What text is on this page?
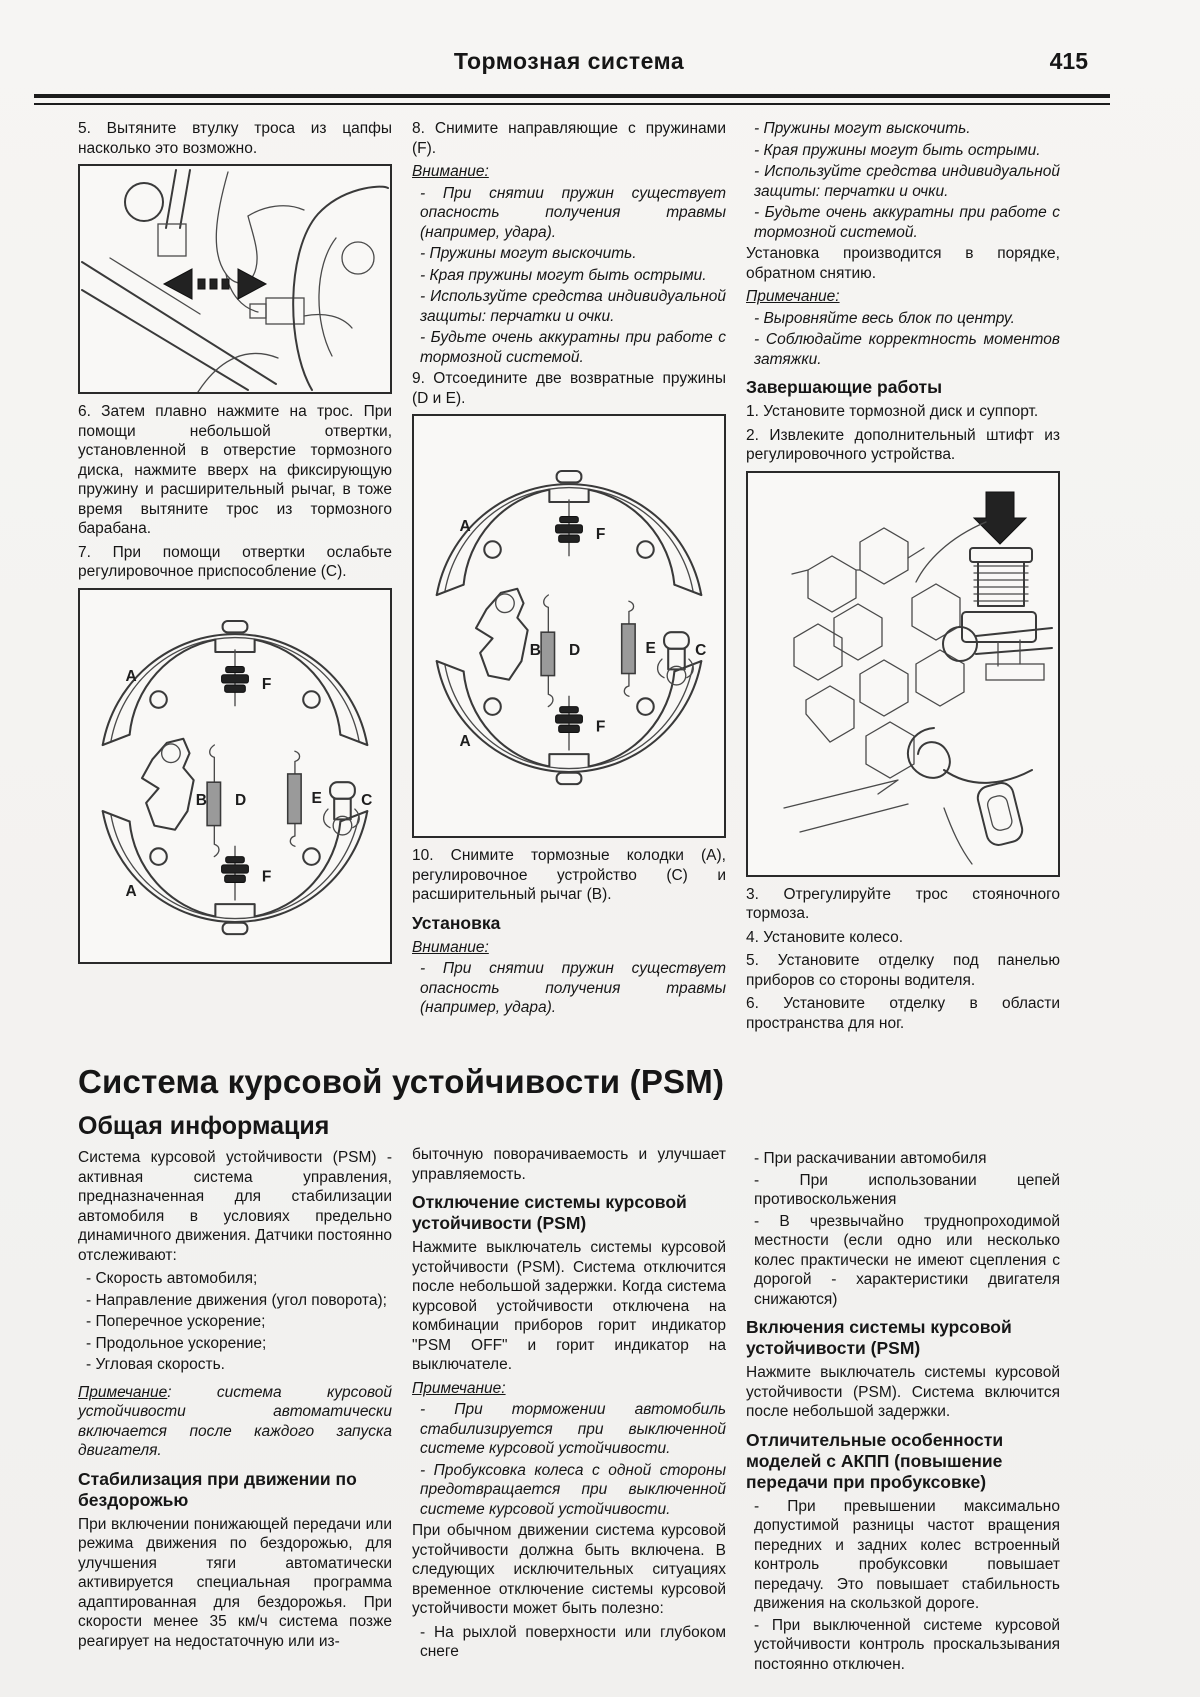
Тормозная система	415

5. Вытяните втулку троса из цапфы насколько это возможно.

6. Затем плавно нажмите на трос. При помощи небольшой отвертки, установленной в отверстие тормозного диска, нажмите вверх на фиксирующую пружину и расширительный рычаг, в тоже время вытяните трос из тормозного барабана.

7. При помощи отвертки ослабьте регулировочное приспособление (С).

A	F
B D	E	C
F
A

8. Снимите направляющие с пружинами (F).

Внимание:

- При снятии пружин существует опасность получения травмы (например, удара).

- Пружины могут выскочить.

- Края пружины могут быть острыми.

- Используйте средства индивидуальной защиты: перчатки и очки.

- Будьте очень аккуратны при работе с тормозной системой.

9. Отсоедините две возвратные пружины (D и Е).

A	F
B D	E	C
F
A

10. Снимите тормозные колодки (А), регулировочное устройство (С) и расширительный рычаг (В).

Установка

Внимание:

- При снятии пружин существует опасность получения травмы (например, удара).

- Пружины могут выскочить.

- Края пружины могут быть острыми.

- Используйте средства индивидуальной защиты: перчатки и очки.

- Будьте очень аккуратны при работе с тормозной системой.

Установка производится в порядке, обратном снятию.

Примечание:

- Выровняйте весь блок по центру.

- Соблюдайте корректность моментов затяжки.

Завершающие работы

1. Установите тормозной диск и суппорт.

2. Извлеките дополнительный штифт из регулировочного устройства.

3. Отрегулируйте трос стояночного тормоза.

4. Установите колесо.

5. Установите отделку под панелью приборов со стороны водителя.

6. Установите отделку в области пространства для ног.

Система курсовой устойчивости (PSM)
Общая информация

Система курсовой устойчивости (PSM) - активная система управления, предназначенная для стабилизации автомобиля в условиях предельно динамичного движения. Датчики постоянно отслеживают:

- Скорость автомобиля;

- Направление движения (угол поворота);

- Поперечное ускорение;

- Продольное ускорение;

- Угловая скорость.

Примечание: система курсовой устойчивости автоматически включается после каждого запуска двигателя.

Стабилизация при движении по бездорожью

При включении понижающей передачи или режима движения по бездорожью, для улучшения тяги автоматически активируется специальная программа адаптированная для бездорожья. При скорости менее 35 км/ч система позже реагирует на недостаточную или из-

быточную поворачиваемость и улучшает управляемость.

Отключение системы курсовой устойчивости (PSM)

Нажмите выключатель системы курсовой устойчивости (PSM). Система отключится после небольшой задержки. Когда система курсовой устойчивости отключена на комбинации приборов горит индикатор "PSM OFF" и горит индикатор на выключателе.

Примечание:

- При торможении автомобиль стабилизируется при выключенной системе курсовой устойчивости.

- Пробуксовка колеса с одной стороны предотвращается при выключенной системе курсовой устойчивости.

При обычном движении система курсовой устойчивости должна быть включена. В следующих исключительных ситуациях временное отключение системы курсовой устойчивости может быть полезно:

- На рыхлой поверхности или глубоком снеге

- При раскачивании автомобиля

- При использовании цепей противоскольжения

- В чрезвычайно труднопроходимой местности (если одно или несколько колес практически не имеют сцепления с дорогой - характеристики двигателя снижаются)

Включения системы курсовой устойчивости (PSM)

Нажмите выключатель системы курсовой устойчивости (PSM). Система включится после небольшой задержки.

Отличительные особенности моделей с АКПП (повышение передачи при пробуксовке)

- При превышении максимально допустимой разницы частот вращения передних и задних колес встроенный контроль пробуксовки повышает передачу. Это повышает стабильность движения на скользкой дороге.

- При выключенной системе курсовой устойчивости контроль проскальзывания постоянно отключен.
